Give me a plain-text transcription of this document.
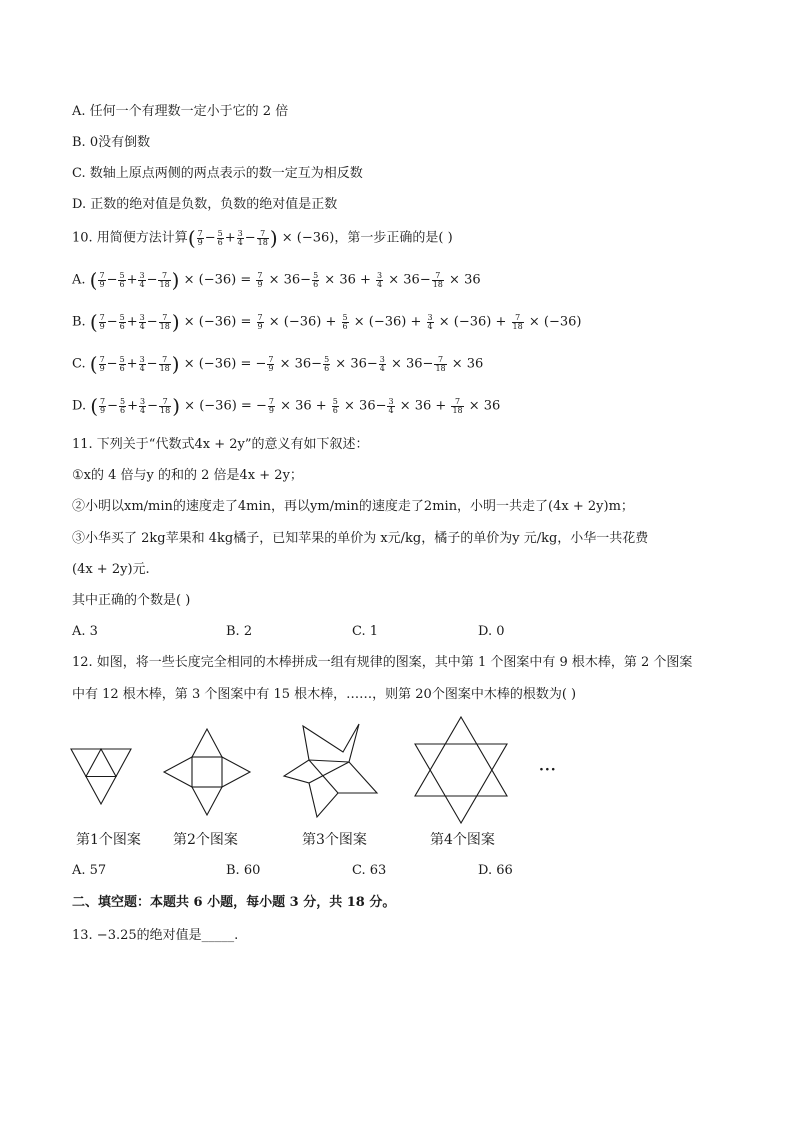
A. 任何一个有理数一定小于它的 2 倍
B. 0没有倒数
C. 数轴上原点两侧的两点表示的数一定互为相反数
D. 正数的绝对值是负数，负数的绝对值是正数
10. 用简便方法计算( $\frac{7}{9} - \frac{5}{6} + \frac{3}{4} - \frac{7}{18}$ ) × (−36)，第一步正确的是( )
A. ( $\frac{7}{9} - \frac{5}{6} + \frac{3}{4} - \frac{7}{18}$ ) × $(-36) = \frac{7}{9} \times 36- \frac{5}{6} \times 36 + \frac{3}{4} \times 36- \frac{7}{18} \times 36$
B. ( $\frac{7}{9} - \frac{5}{6} + \frac{3}{4} - \frac{7}{18}$ ) × $(-36) = \frac{7}{9} \times (-36) + \frac{5}{6} \times (-36) + \frac{3}{4} \times (-36) + \frac{7}{18} \times (-36)$
C. ( $\frac{7}{9} - \frac{5}{6} + \frac{3}{4} - \frac{7}{18}$ ) × (−36) = − $\frac{7}{9} \times 36- \frac{5}{6} \times 36- \frac{3}{4} \times 36- \frac{7}{18} \times 36$
D. ( $\frac{7}{9} - \frac{5}{6} + \frac{3}{4} - \frac{7}{18}$ ) × (−36) = − $\frac{7}{9} \times 36 + \frac{5}{6} \times 36- \frac{3}{4} \times 36 + \frac{7}{18} \times 36$
11. 下列关于“代数式4x + 2y”的意义有如下叙述：
①x的 4 倍与y 的和的 2 倍是4x + 2y；
②小明以xm/min的速度走了4min，再以ym/min的速度走了2min，小明一共走了(4x + 2y)m；
③小华买了 2kg苹果和 4kg橘子，已知苹果的单价为 x元/kg，橘子的单价为y 元/kg，小华一共花费
(4x + 2y)元.
其中正确的个数是( )
A. 3	B. 2	C. 1	D. 0
12. 如图，将一些长度完全相同的木棒拼成一组有规律的图案，其中第 1 个图案中有 9 根木棒，第 2 个图案
中有 12 根木棒，第 3 个图案中有 15 根木棒，……，则第 20个图案中木棒的根数为( )
···
第1个图案 第2个图案	第3个图案	第4个图案
A. 57	B. 60	C. 63	D. 66
二、填空题：本题共 6 小题，每小题 3 分，共 18 分。
13. −3.25的绝对值是_____.
